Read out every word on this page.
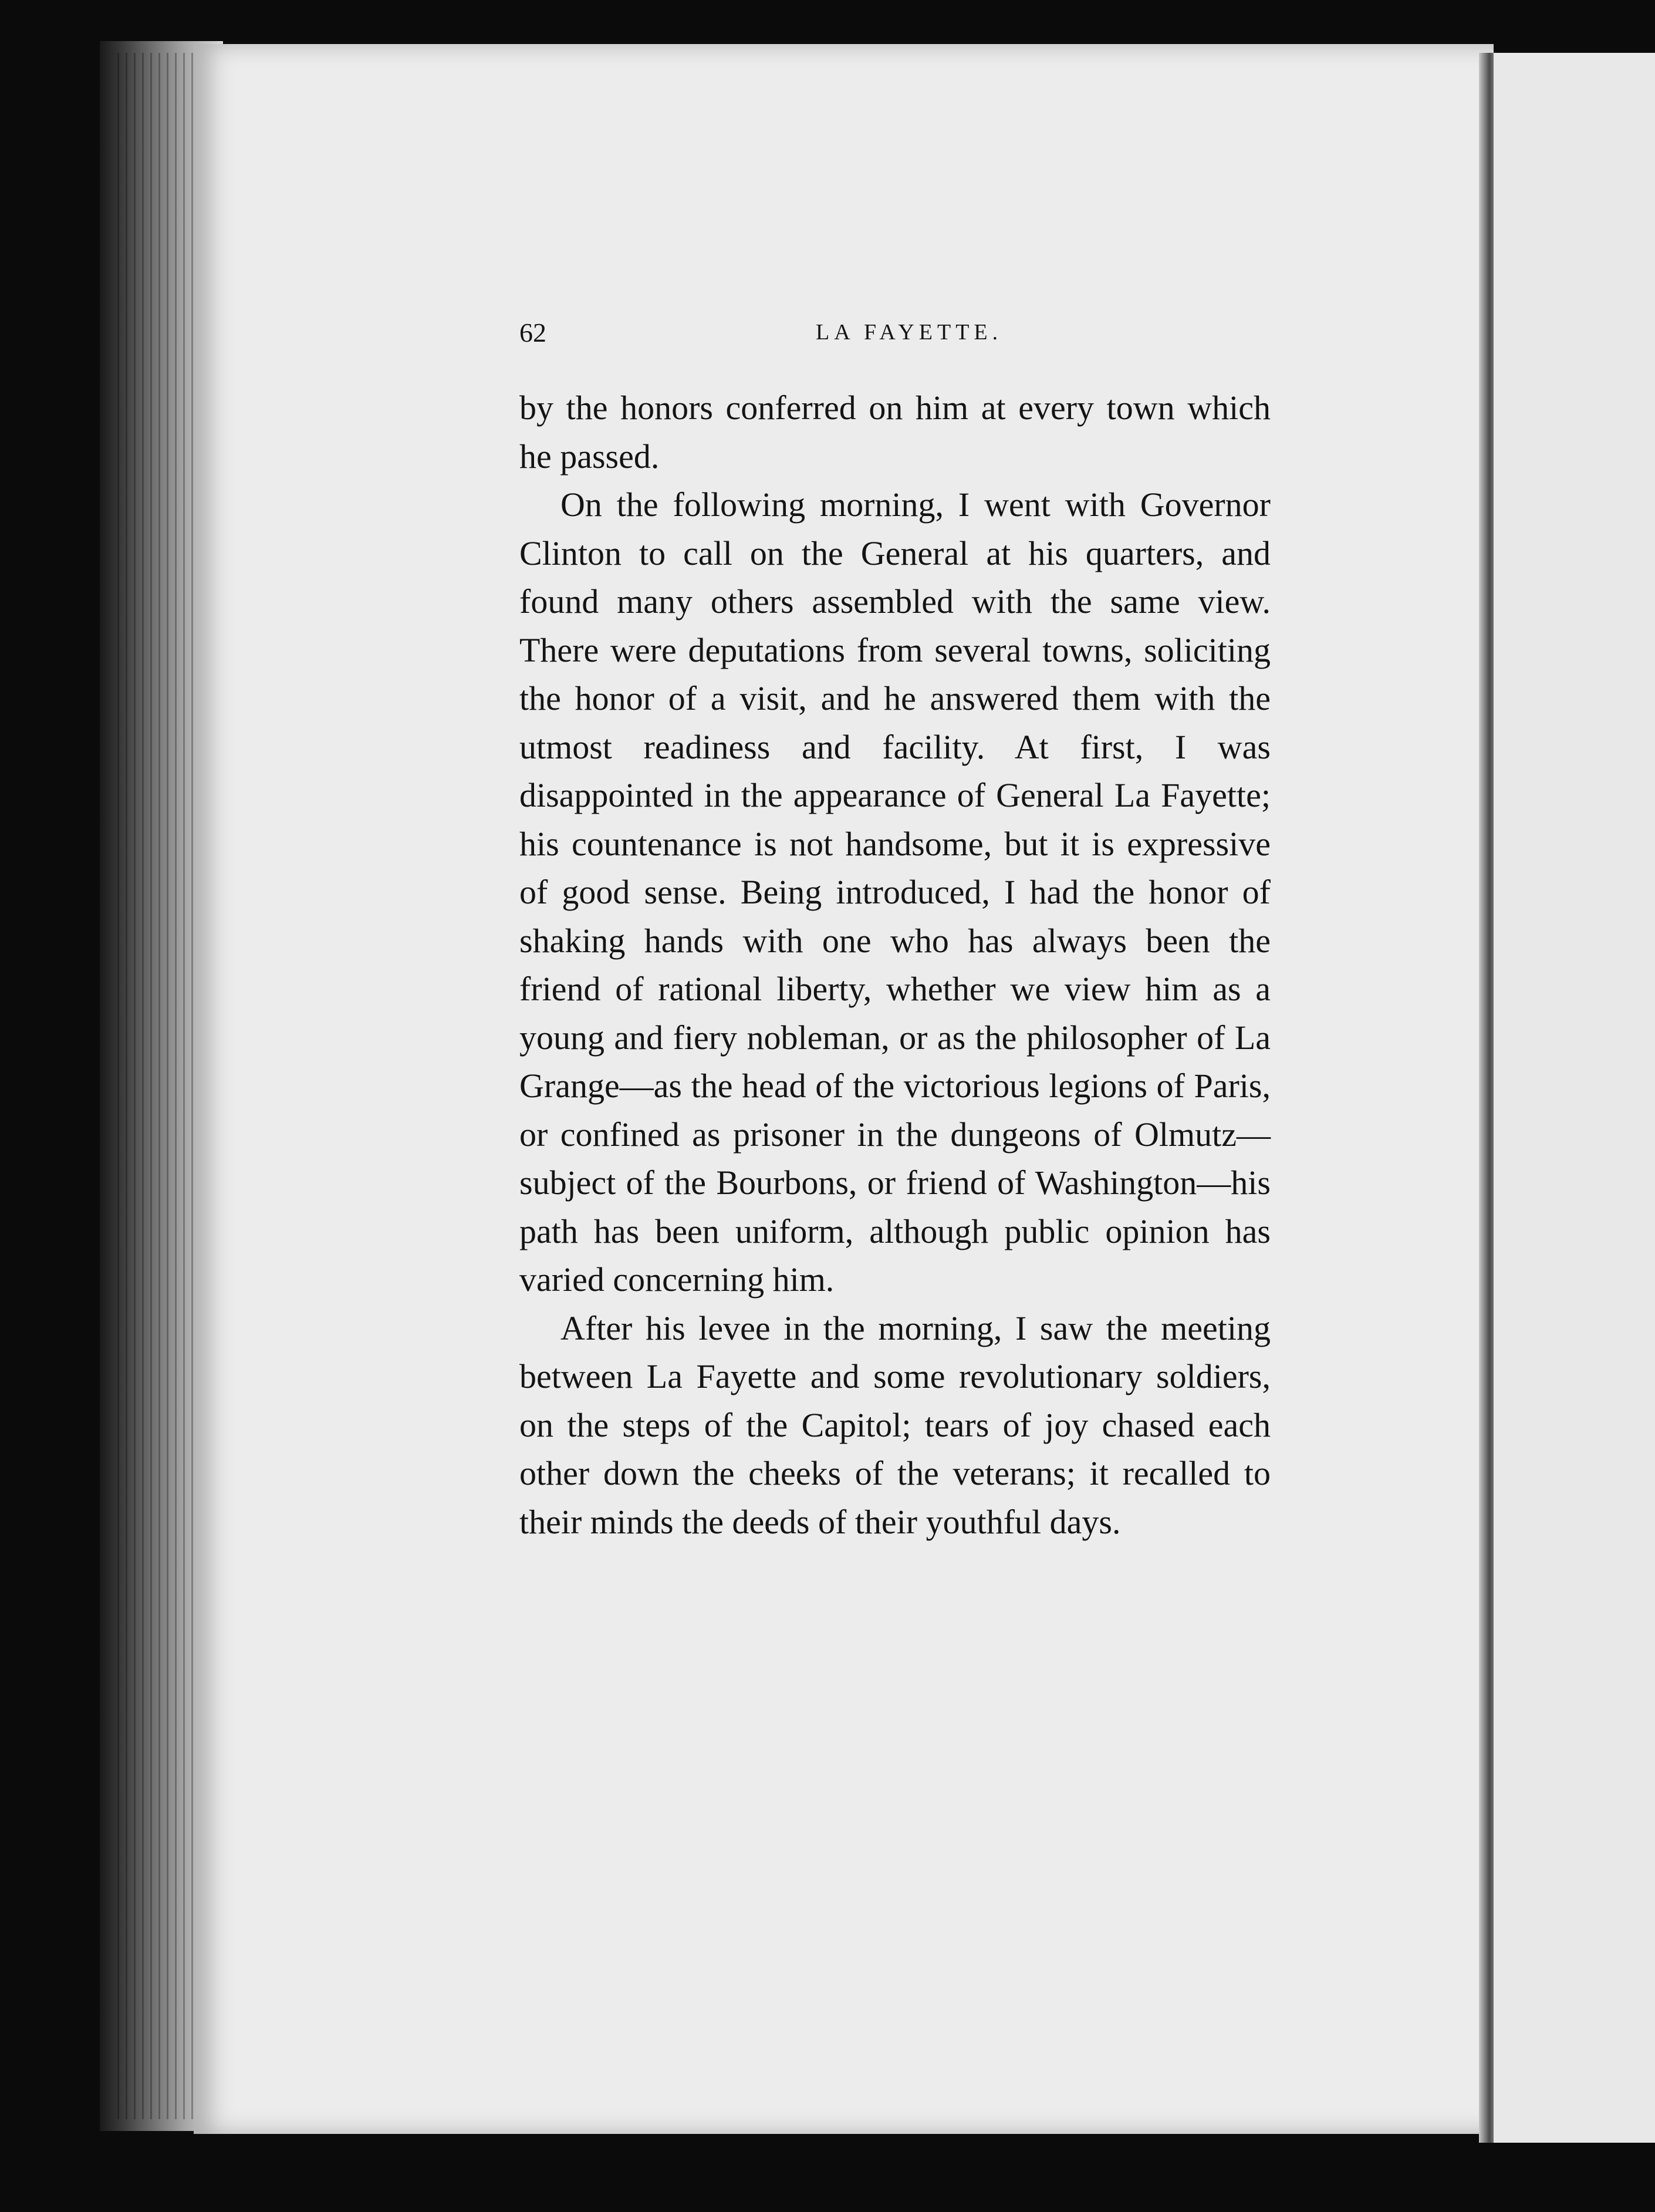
62	LA FAYETTE.

by the honors conferred on him at every town which he passed.

On the following morning, I went with Governor Clinton to call on the General at his quarters, and found many others assembled with the same view. There were deputations from several towns, soliciting the honor of a visit, and he answered them with the utmost readiness and facility. At first, I was disappointed in the appearance of General La Fayette; his countenance is not handsome, but it is expressive of good sense. Being introduced, I had the honor of shaking hands with one who has always been the friend of rational liberty, whether we view him as a young and fiery nobleman, or as the philosopher of La Grange—as the head of the victorious legions of Paris, or confined as prisoner in the dungeons of Olmutz—subject of the Bourbons, or friend of Washington—his path has been uniform, although public opinion has varied concerning him.

After his levee in the morning, I saw the meeting between La Fayette and some revolutionary soldiers, on the steps of the Capitol; tears of joy chased each other down the cheeks of the veterans; it recalled to their minds the deeds of their youthful days.
